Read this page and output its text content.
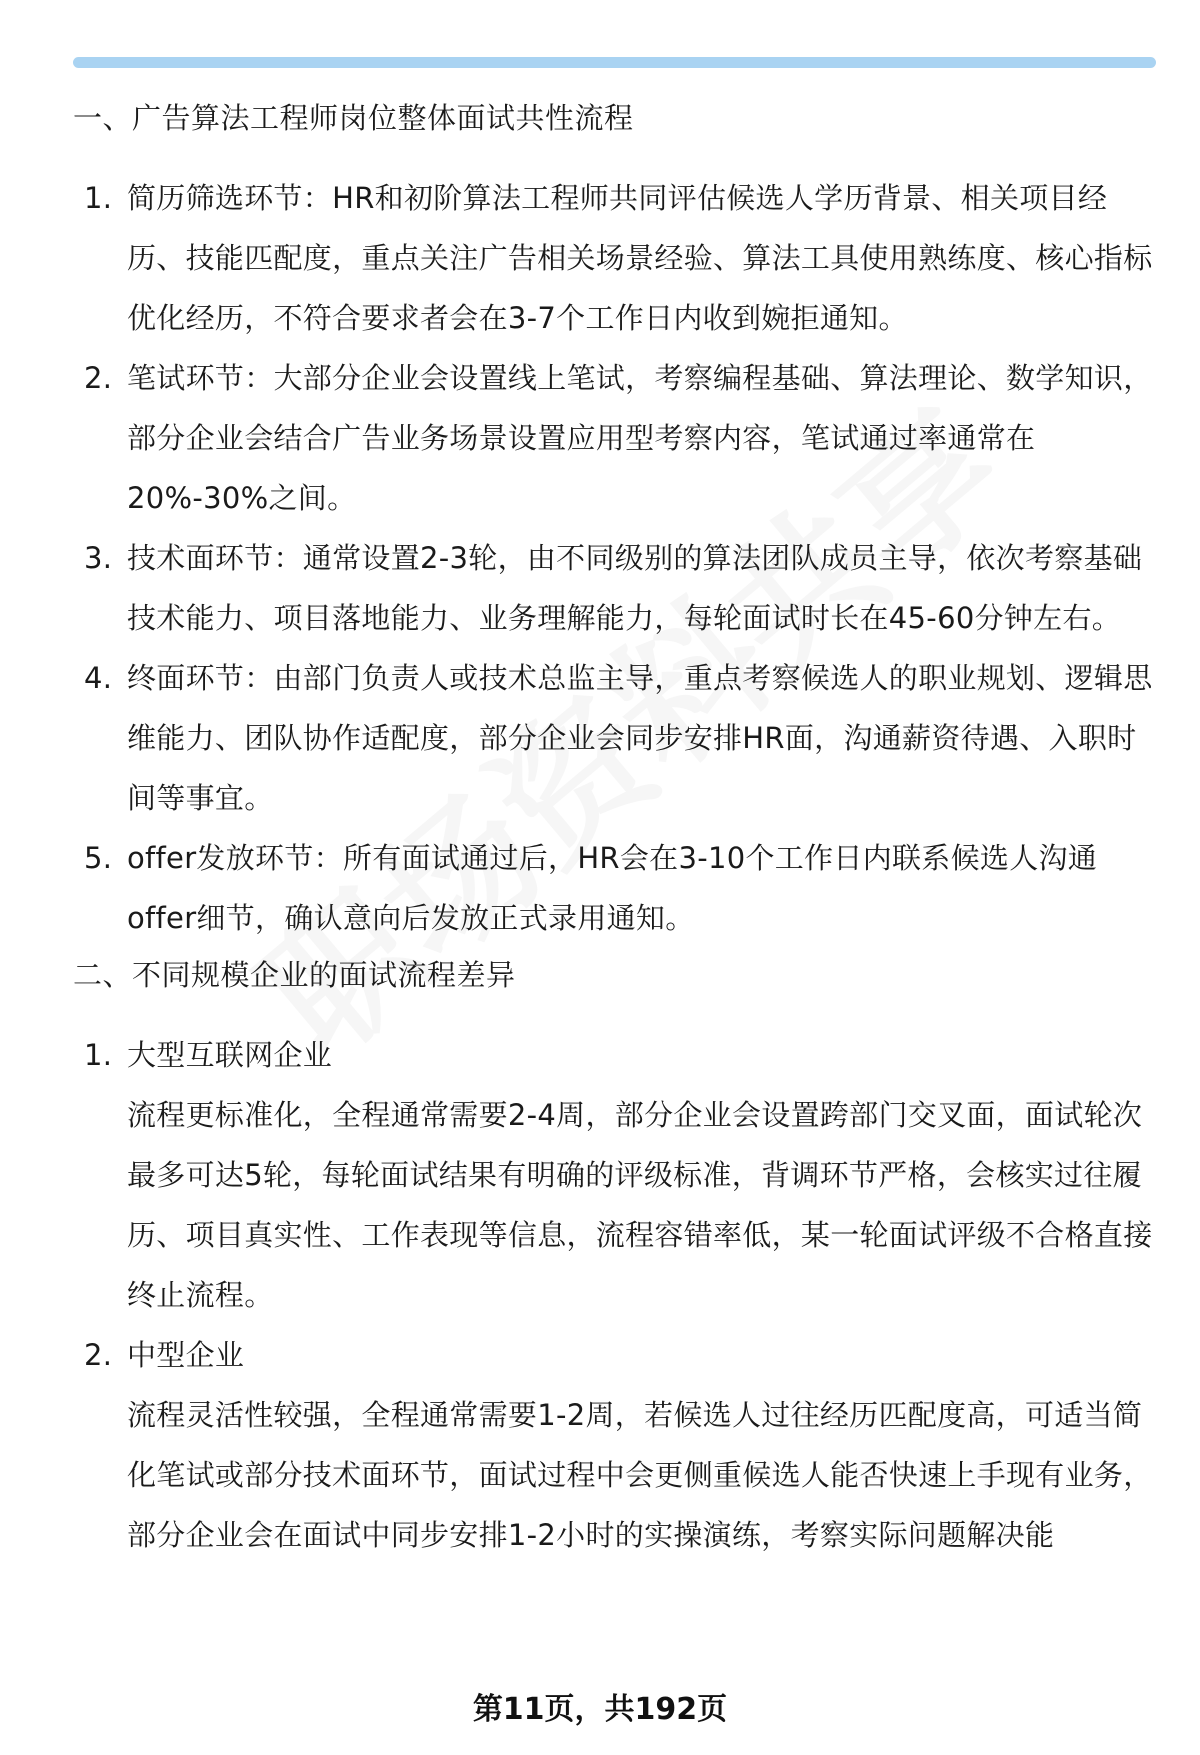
一、广告算法工程师岗位整体面试共性流程
1. 简历筛选环节：HR和初阶算法工程师共同评估候选人学历背景、相关项目经历、技能匹配度，重点关注广告相关场景经验、算法工具使用熟练度、核心指标优化经历，不符合要求者会在3-7个工作日内收到婉拒通知。
2. 笔试环节：大部分企业会设置线上笔试，考察编程基础、算法理论、数学知识，部分企业会结合广告业务场景设置应用型考察内容，笔试通过率通常在20%-30%之间。
3. 技术面环节：通常设置2-3轮，由不同级别的算法团队成员主导，依次考察基础技术能力、项目落地能力、业务理解能力，每轮面试时长在45-60分钟左右。
4. 终面环节：由部门负责人或技术总监主导，重点考察候选人的职业规划、逻辑思维能力、团队协作适配度，部分企业会同步安排HR面，沟通薪资待遇、入职时间等事宜。
5. offer发放环节：所有面试通过后，HR会在3-10个工作日内联系候选人沟通offer细节，确认意向后发放正式录用通知。
二、不同规模企业的面试流程差异
1. 大型互联网企业
流程更标准化，全程通常需要2-4周，部分企业会设置跨部门交叉面，面试轮次最多可达5轮，每轮面试结果有明确的评级标准，背调环节严格，会核实过往履历、项目真实性、工作表现等信息，流程容错率低，某一轮面试评级不合格直接终止流程。
2. 中型企业
流程灵活性较强，全程通常需要1-2周，若候选人过往经历匹配度高，可适当简化笔试或部分技术面环节，面试过程中会更侧重候选人能否快速上手现有业务，部分企业会在面试中同步安排1-2小时的实操演练，考察实际问题解决能
第11页，共192页
